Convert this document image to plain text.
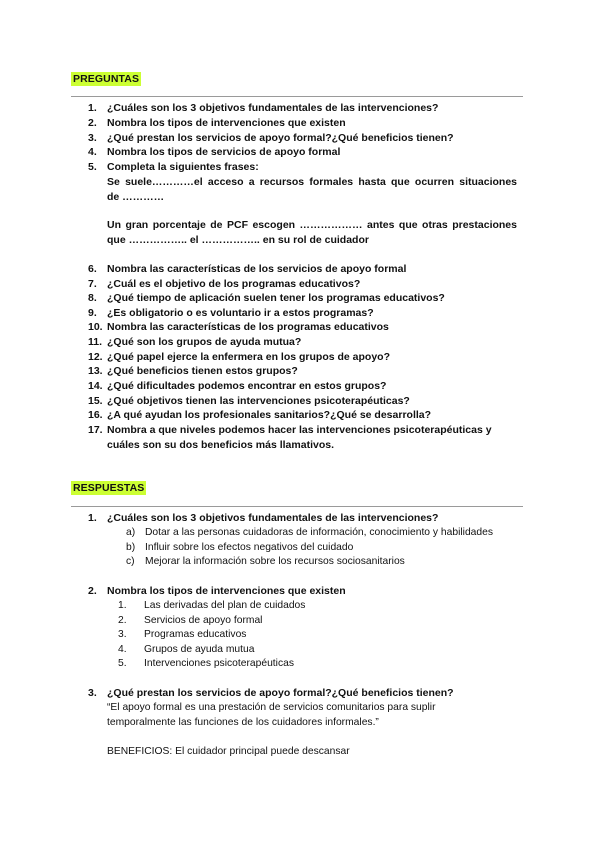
PREGUNTAS
1. ¿Cuáles son los 3 objetivos fundamentales de las intervenciones?
2. Nombra los tipos de intervenciones que existen
3. ¿Qué prestan los servicios de apoyo formal?¿Qué beneficios tienen?
4. Nombra los tipos de servicios de apoyo formal
5. Completa la siguientes frases:
Se suele…………el acceso a recursos formales hasta que ocurren situaciones
de …………
Un gran porcentaje de PCF escogen ……………… antes que otras prestaciones
que …………….. el …………….. en su rol de cuidador
6. Nombra las características de los servicios de apoyo formal
7. ¿Cuál es el objetivo de los programas educativos?
8. ¿Qué tiempo de aplicación suelen tener los programas educativos?
9. ¿Es obligatorio o es voluntario ir a estos programas?
10. Nombra las características de los programas educativos
11. ¿Qué son los grupos de ayuda mutua?
12. ¿Qué papel ejerce la enfermera en los grupos de apoyo?
13. ¿Qué beneficios tienen estos grupos?
14. ¿Qué dificultades podemos encontrar en estos grupos?
15. ¿Qué objetivos tienen las intervenciones psicoterapéuticas?
16. ¿A qué ayudan los profesionales sanitarios?¿Qué se desarrolla?
17. Nombra a que niveles podemos hacer las intervenciones psicoterapéuticas y
cuáles son su dos beneficios más llamativos.
RESPUESTAS
1. ¿Cuáles son los 3 objetivos fundamentales de las intervenciones?
a) Dotar a las personas cuidadoras de información, conocimiento y habilidades
b) Influir sobre los efectos negativos del cuidado
c) Mejorar la información sobre los recursos sociosanitarios
2. Nombra los tipos de intervenciones que existen
1. Las derivadas del plan de cuidados
2. Servicios de apoyo formal
3. Programas educativos
4. Grupos de ayuda mutua
5. Intervenciones psicoterapéuticas
3. ¿Qué prestan los servicios de apoyo formal?¿Qué beneficios tienen?
“El apoyo formal es una prestación de servicios comunitarios para suplir
temporalmente las funciones de los cuidadores informales.”
BENEFICIOS: El cuidador principal puede descansar
